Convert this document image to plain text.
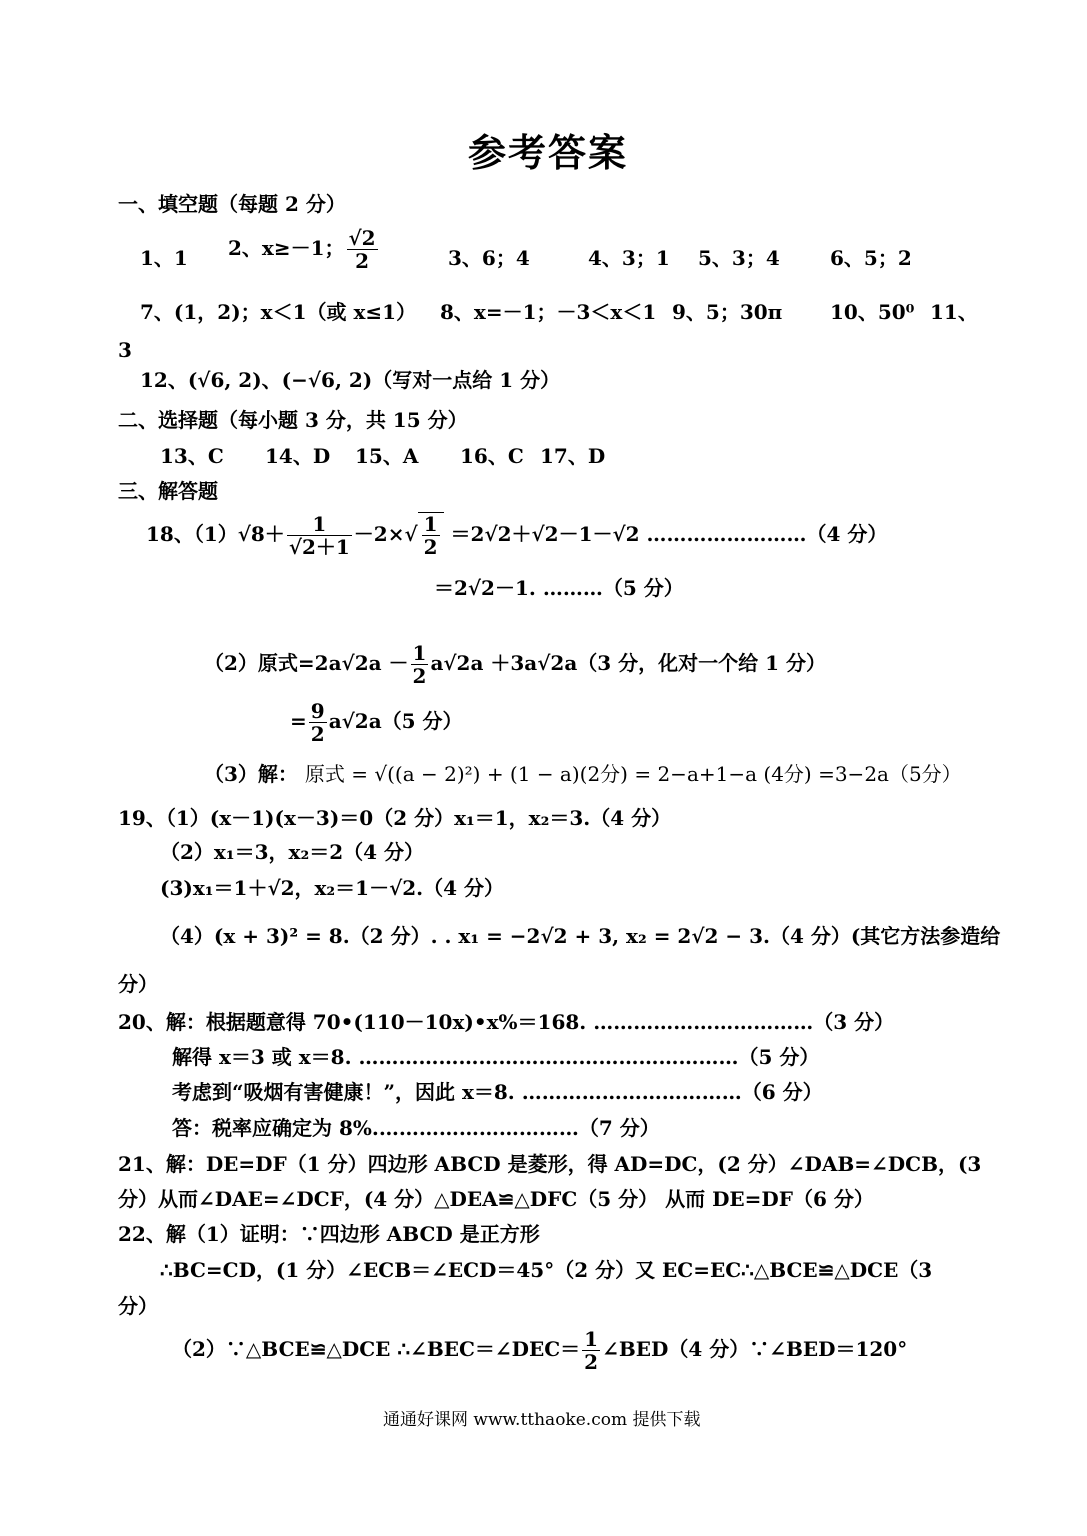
参考答案
一、填空题（每题 2 分）
1、1 2、x≥－1； $\frac{√2}{2}$	3、6；4	4、3；1 5、3；4	6、5；2
7、(1，2)；x＜1（或 x≤1） 8、x=－1；－3＜x＜1 9、5；30π 10、50⁰ 11、
3
12、(√6, 2)、(−√6, 2)（写对一点给 1 分）
二、选择题（每小题 3 分，共 15 分）
13、C 14、D 15、A 16、C 17、D
三、解答题
18、$(1)√8+ \frac{1}{√2+1} -2\times√ \frac{1}{2} =2√2+√2-1-√2$ ……………………（4 分）
＝2√2－1. ………（5 分）
（2）原式$=2a√2a - \frac{1}{2} a√2a +3a√2a(3$ 分，化对一个给 1 分）
= $\frac{9}{2} a√2a(5$ 分）
（3）解： 原式 = √((a − 2)²) + (1 − a)(2分) = 2−a+1−a (4分) =3−2a（5分）
19、（1）(x－1)(x－3)＝0（2 分）x₁＝1，x₂＝3.（4 分）
（2）x₁＝3，x₂＝2（4 分）
(3)x₁＝1＋√2，x₂＝1－√2.（4 分）
（4）(x + 3)² = 8.（2 分）. . x₁ = −2√2 + 3, x₂ = 2√2 − 3.（4 分）(其它方法参造给
分）
20、解：根据题意得 70•(110－10x)•x%＝168. ……………………………（3 分）
解得 x＝3 或 x＝8. …………………………………………………（5 分）
考虑到“吸烟有害健康！”，因此 x＝8. ……………………………（6 分）
答：税率应确定为 8%.…………………………（7 分）
21、解：DE=DF（1 分）四边形 ABCD 是菱形，得 AD=DC，(2 分）∠DAB=∠DCB，(3
分）从而∠DAE=∠DCF，(4 分）△DEA≌△DFC（5 分） 从而 DE=DF（6 分）
22、解（1）证明：∵四边形 ABCD 是正方形
∴BC=CD，(1 分）∠ECB＝∠ECD＝45°（2 分）又 EC=EC∴△BCE≌△DCE（3
分）
（2）∵△BCE≌△DCE ∴∠BEC＝∠DEC＝ $\frac{1}{2}$ ∠BED（4 分）∵∠BED＝120°
通通好课网 www.tthaoke.com 提供下载
